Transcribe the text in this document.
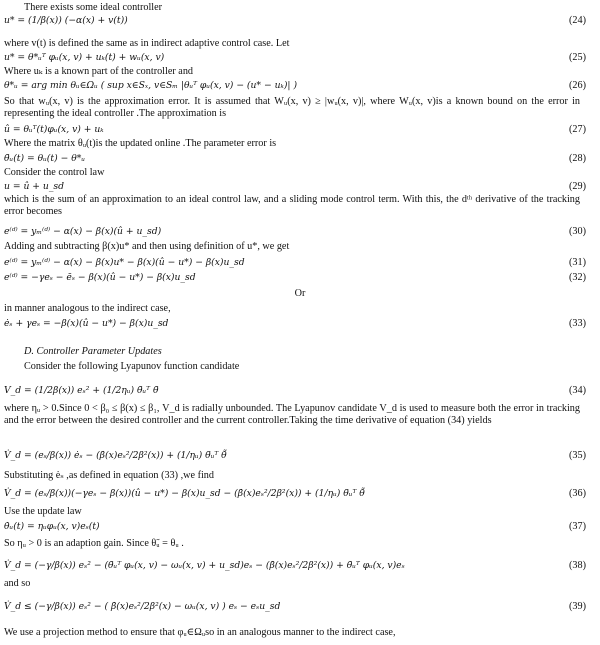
There exists some ideal controller
u* = (1/β(x)) (−α(x) + v(t))	(24)
where v(t) is defined the same as in indirect adaptive control case. Let
u* = θ*ᵤᵀ φᵤ(x, v) + uₖ(t) + wᵤ(x, v)	(25)
Where uₖ is a known part of the controller and
θ*ᵤ = arg min θᵤ∈Ωᵤ ( sup x∈Sₓ, v∈Sₘ |θᵤᵀ φᵤ(x, v) − (u* − uₖ)| )	(26)
So that wᵤ(x, v) is the approximation error. It is assumed that Wᵤ(x, v) ≥ |wᵤ(x, v)|, where Wᵤ(x, v)is a known bound on the error in representing the ideal controller .The approximation is
û = θᵤᵀ(t)φᵤ(x, v) + uₖ	(27)
Where the matrix θᵤ(t)is the updated online .The parameter error is
θ̃ᵤ(t) = θᵤ(t) − θ*ᵤ	(28)
Consider the control law
u = û + u_sd	(29)
which is the sum of an approximation to an ideal control law, and a sliding mode control term. With this, the dᵗʰ derivative of the tracking error becomes
e⁽ᵈ⁾ = yₘ⁽ᵈ⁾ − α(x) − β(x)(û + u_sd)	(30)
Adding and subtracting β(x)u* and then using definition of u*, we get
e⁽ᵈ⁾ = yₘ⁽ᵈ⁾ − α(x) − β(x)u* − β(x)(û − u*) − β(x)u_sd	(31)
e⁽ᵈ⁾ = −γeₛ − ēₛ − β(x)(û − u*) − β(x)u_sd	(32)
Or
in manner analogous to the indirect case,
ėₛ + γeₛ = −β(x)(û − u*) − β(x)u_sd	(33)
D. Controller Parameter Updates
Consider the following Lyapunov function candidate
V_d = (1/2β(x)) eₛ² + (1/2ηᵤ) θ̃ᵤᵀ θ̃	(34)
where ηᵤ > 0.Since 0 < β₀ ≤ β(x) ≤ β₁, V_d is radially unbounded. The Lyapunov candidate V_d is used to measure both the error in tracking and the error between the desired controller and the current controller.Taking the time derivative of equation (34) yields
V̇_d = (eₛ/β(x)) ėₛ − (β̇(x)eₛ²/2β²(x)) + (1/ηᵤ) θ̃ᵤᵀ θ̇̃	(35)
Substituting ėₛ ,as defined in equation (33) ,we find
V̇_d = (eₛ/β(x))(−γeₛ − β(x))(û − u*) − β(x)u_sd − (β̇(x)eₛ²/2β²(x)) + (1/ηᵤ) θ̃ᵤᵀ θ̇̃	(36)
Use the update law
θ̇ᵤ(t) = ηᵤφᵤ(x, v)eₛ(t)	(37)
So ηᵤ > 0 is an adaption gain. Since θ̃ᵤ = θᵤ .
V̇_d = (−γ/β(x)) eₛ² − (θ̃ᵤᵀ φᵤ(x, v) − ωᵤ(x, v) + u_sd)eₛ − (β̇(x)eₛ²/2β²(x)) + θ̃ᵤᵀ φᵤ(x, v)eₛ	(38)
and so
V̇_d ≤ (−γ/β(x)) eₛ² − ( β̇(x)eₛ²/2β²(x) − ωᵤ(x, v) ) eₛ − eₛu_sd	(39)
We use a projection method to ensure that φᵤ∈Ωᵤso in an analogous manner to the indirect case,
